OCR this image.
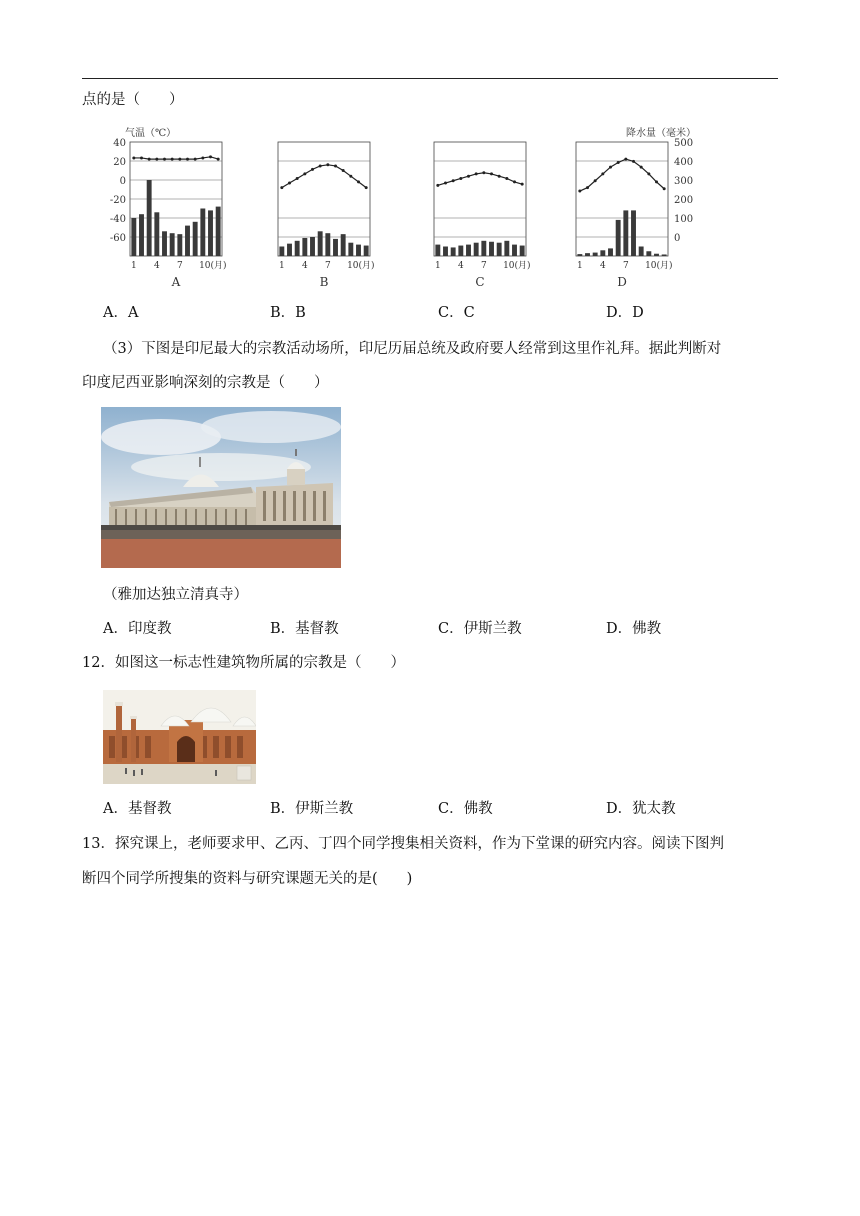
点的是（　　）
1 4 7 10(月)
A
1 4 7 10(月)
B
1 4 7 10(月)
C
1 4 7 10(月)
D
40
20
0
-20
-40
-60
气温（℃）
500
400
300
200
100
0
降水量（毫米）
A．A	B．B	C．C	D．D
（3）下图是印尼最大的宗教活动场所，印尼历届总统及政府要人经常到这里作礼拜。据此判断对
印度尼西亚影响深刻的宗教是（　　）
（雅加达独立清真寺）
A．印度教	B．基督教	C．伊斯兰教	D．佛教
12．如图这一标志性建筑物所属的宗教是（　　）
A．基督教	B．伊斯兰教	C．佛教	D．犹太教
13．探究课上，老师要求甲、乙丙、丁四个同学搜集相关资料，作为下堂课的研究内容。阅读下图判
断四个同学所搜集的资料与研究课题无关的是(　　)
